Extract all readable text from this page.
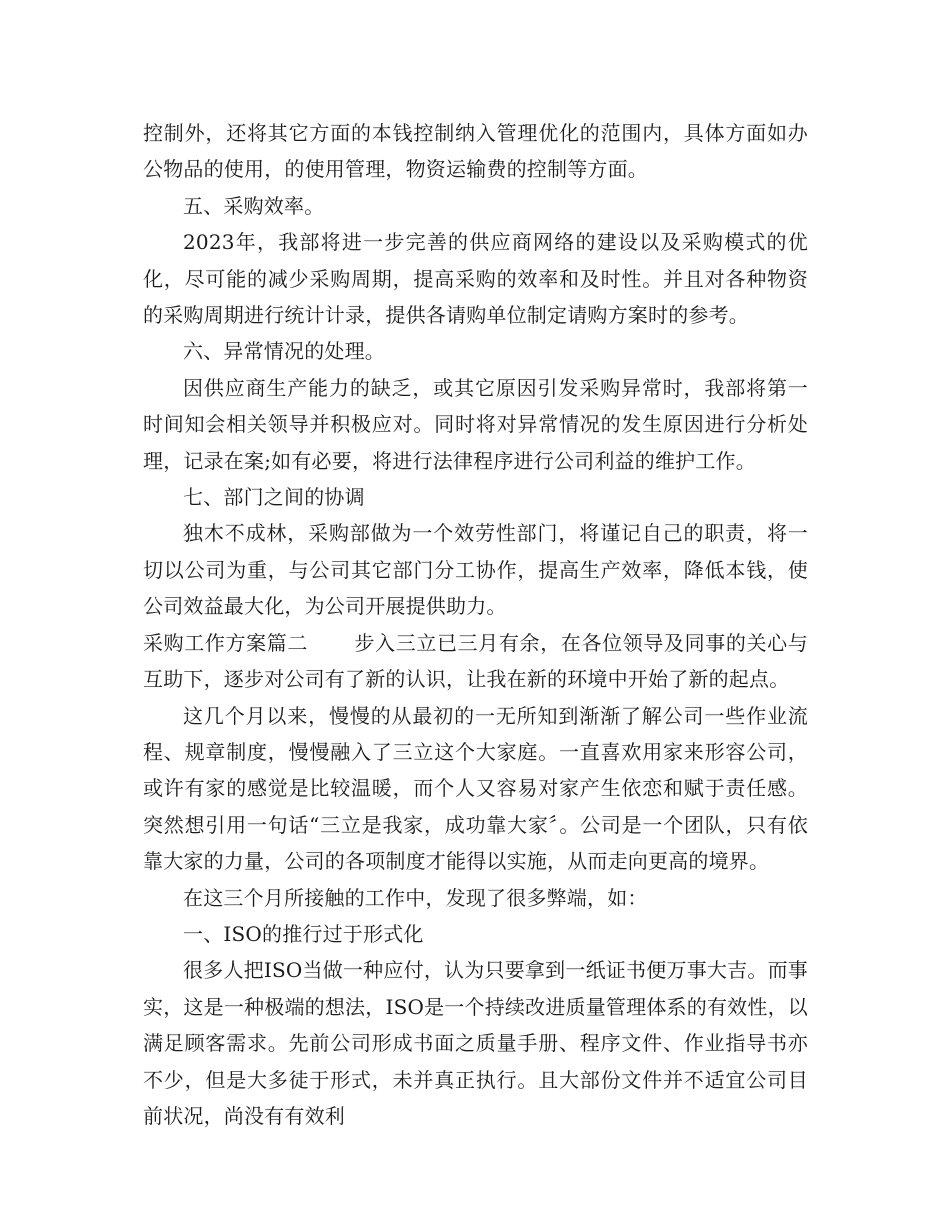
控制外，还将其它方面的本钱控制纳入管理优化的范围内，具体方面如办公物品的使用，的使用管理，物资运输费的控制等方面。

五、采购效率。

2023年，我部将进一步完善的供应商网络的建设以及采购模式的优化，尽可能的减少采购周期，提高采购的效率和及时性。并且对各种物资的采购周期进行统计计录，提供各请购单位制定请购方案时的参考。

六、异常情况的处理。

因供应商生产能力的缺乏，或其它原因引发采购异常时，我部将第一时间知会相关领导并积极应对。同时将对异常情况的发生原因进行分析处理，记录在案;如有必要，将进行法律程序进行公司利益的维护工作。

七、部门之间的协调

独木不成林，采购部做为一个效劳性部门，将谨记自己的职责，将一切以公司为重，与公司其它部门分工协作，提高生产效率，降低本钱，使公司效益最大化，为公司开展提供助力。

采购工作方案篇二 步入三立已三月有余，在各位领导及同事的关心与互助下，逐步对公司有了新的认识，让我在新的环境中开始了新的起点。

这几个月以来，慢慢的从最初的一无所知到渐渐了解公司一些作业流程、规章制度，慢慢融入了三立这个大家庭。一直喜欢用家来形容公司，或许有家的感觉是比较温暖，而个人又容易对家产生依恋和赋于责任感。突然想引用一句话“三立是我家，成功靠大家〞。公司是一个团队，只有依靠大家的力量，公司的各项制度才能得以实施，从而走向更高的境界。

在这三个月所接触的工作中，发现了很多弊端，如：

一、ISO的推行过于形式化

很多人把ISO当做一种应付，认为只要拿到一纸证书便万事大吉。而事实，这是一种极端的想法，ISO是一个持续改进质量管理体系的有效性，以满足顾客需求。先前公司形成书面之质量手册、程序文件、作业指导书亦不少，但是大多徒于形式，未并真正执行。且大部份文件并不适宜公司目前状况，尚没有有效利
